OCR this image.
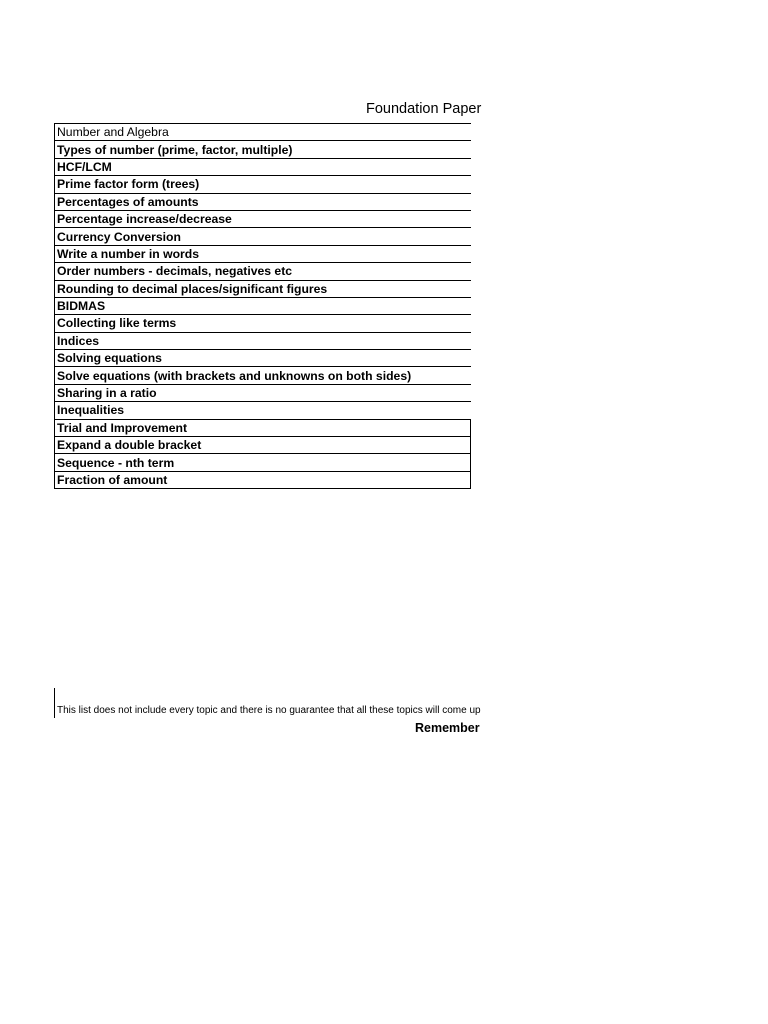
Foundation Paper
Number and Algebra
Types of number (prime, factor, multiple)
HCF/LCM
Prime factor form (trees)
Percentages of amounts
Percentage increase/decrease
Currency Conversion
Write a number in words
Order numbers - decimals, negatives etc
Rounding to decimal places/significant figures
BIDMAS
Collecting like terms
Indices
Solving equations
Solve equations (with brackets and unknowns on both sides)
Sharing in a ratio
Inequalities
Trial and Improvement
Expand a double bracket
Sequence - nth term
Fraction of amount
This list does not include every topic and there is no guarantee that all these topics will come up
Remember
